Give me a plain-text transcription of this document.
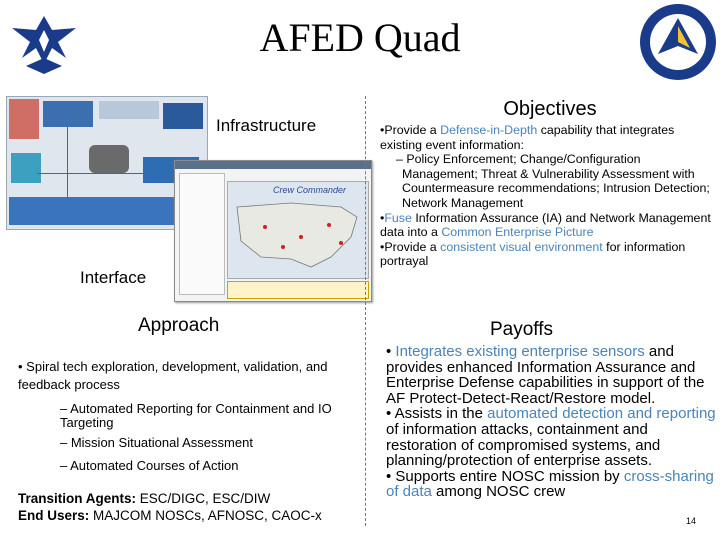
AFED Quad
Infrastructure
Crew Commander
Interface
Objectives

•Provide a Defense-in-Depth capability that integrates existing event information:

– Policy Enforcement; Change/Configuration Management; Threat & Vulnerability Assessment with Countermeasure recommendations; Intrusion Detection; Network Management

•Fuse Information Assurance (IA) and Network Management data into a Common Enterprise Picture

•Provide a consistent visual environment for information portrayal

Approach
• Spiral tech exploration, development, validation, and feedback process
– Automated Reporting for Containment and IO Targeting
– Mission Situational Assessment
– Automated Courses of Action
Transition Agents: ESC/DIGC, ESC/DIW
End Users: MAJCOM NOSCs, AFNOSC, CAOC-x
Payoffs

• Integrates existing enterprise sensors and provides enhanced Information Assurance and Enterprise Defense capabilities in support of the AF Protect-Detect-React/Restore model.

• Assists in the automated detection and reporting of information attacks, containment and restoration of compromised systems, and planning/protection of enterprise assets.

• Supports entire NOSC mission by cross-sharing of data among NOSC crew

14
